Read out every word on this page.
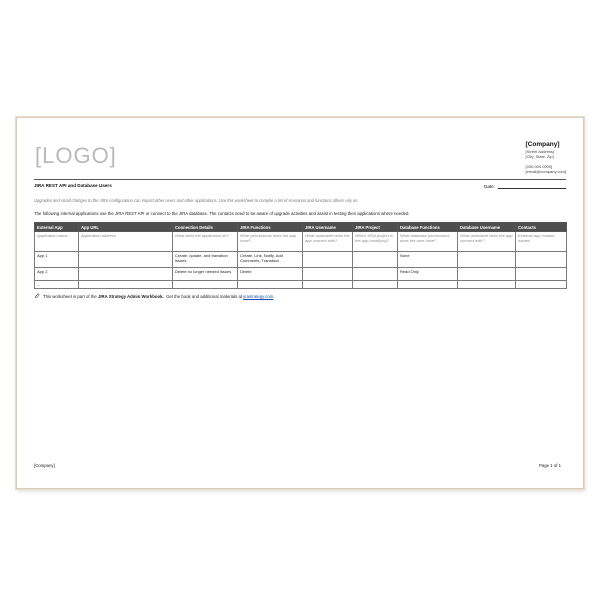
[LOGO]	[Company]
[Street Address]
[City, State, Zip]
[000.000.0000]
[email@company.com]
JIRA REST API and Database Users	Date:
Upgrades and small changes to the JIRA configuration can impact other users and other applications. Use this worksheet to compile a list of scenarios and functions others rely on.
The following internal applications use the JIRA REST API or connect to the JIRA database. The contacts need to be aware of upgrade activities and assist in testing their applications where needed.
External App	App URL	Connection Details	JIRA Functions	JIRA Username	JIRA Project	Database Functions	Database Username	Contacts
Application name	Application address	What does the application do?	What permissions does the app have?	What username does the app connect with?	Which JIRA project is the app modifying?	What database permissions does the user have?	What username does the app connect with?	External app contact names
App 1		Create, update, and transition issues	Create, Link, Notify, Add Comments, Transition			None		
App 2		Delete no longer needed issues	Delete			Read Only		
...								
This worksheet is part of the
JIRA Strategy Admin Workbook.
Get the book and additional materials at
jirastrategy.com .
[Company]	Page 1 of 1
